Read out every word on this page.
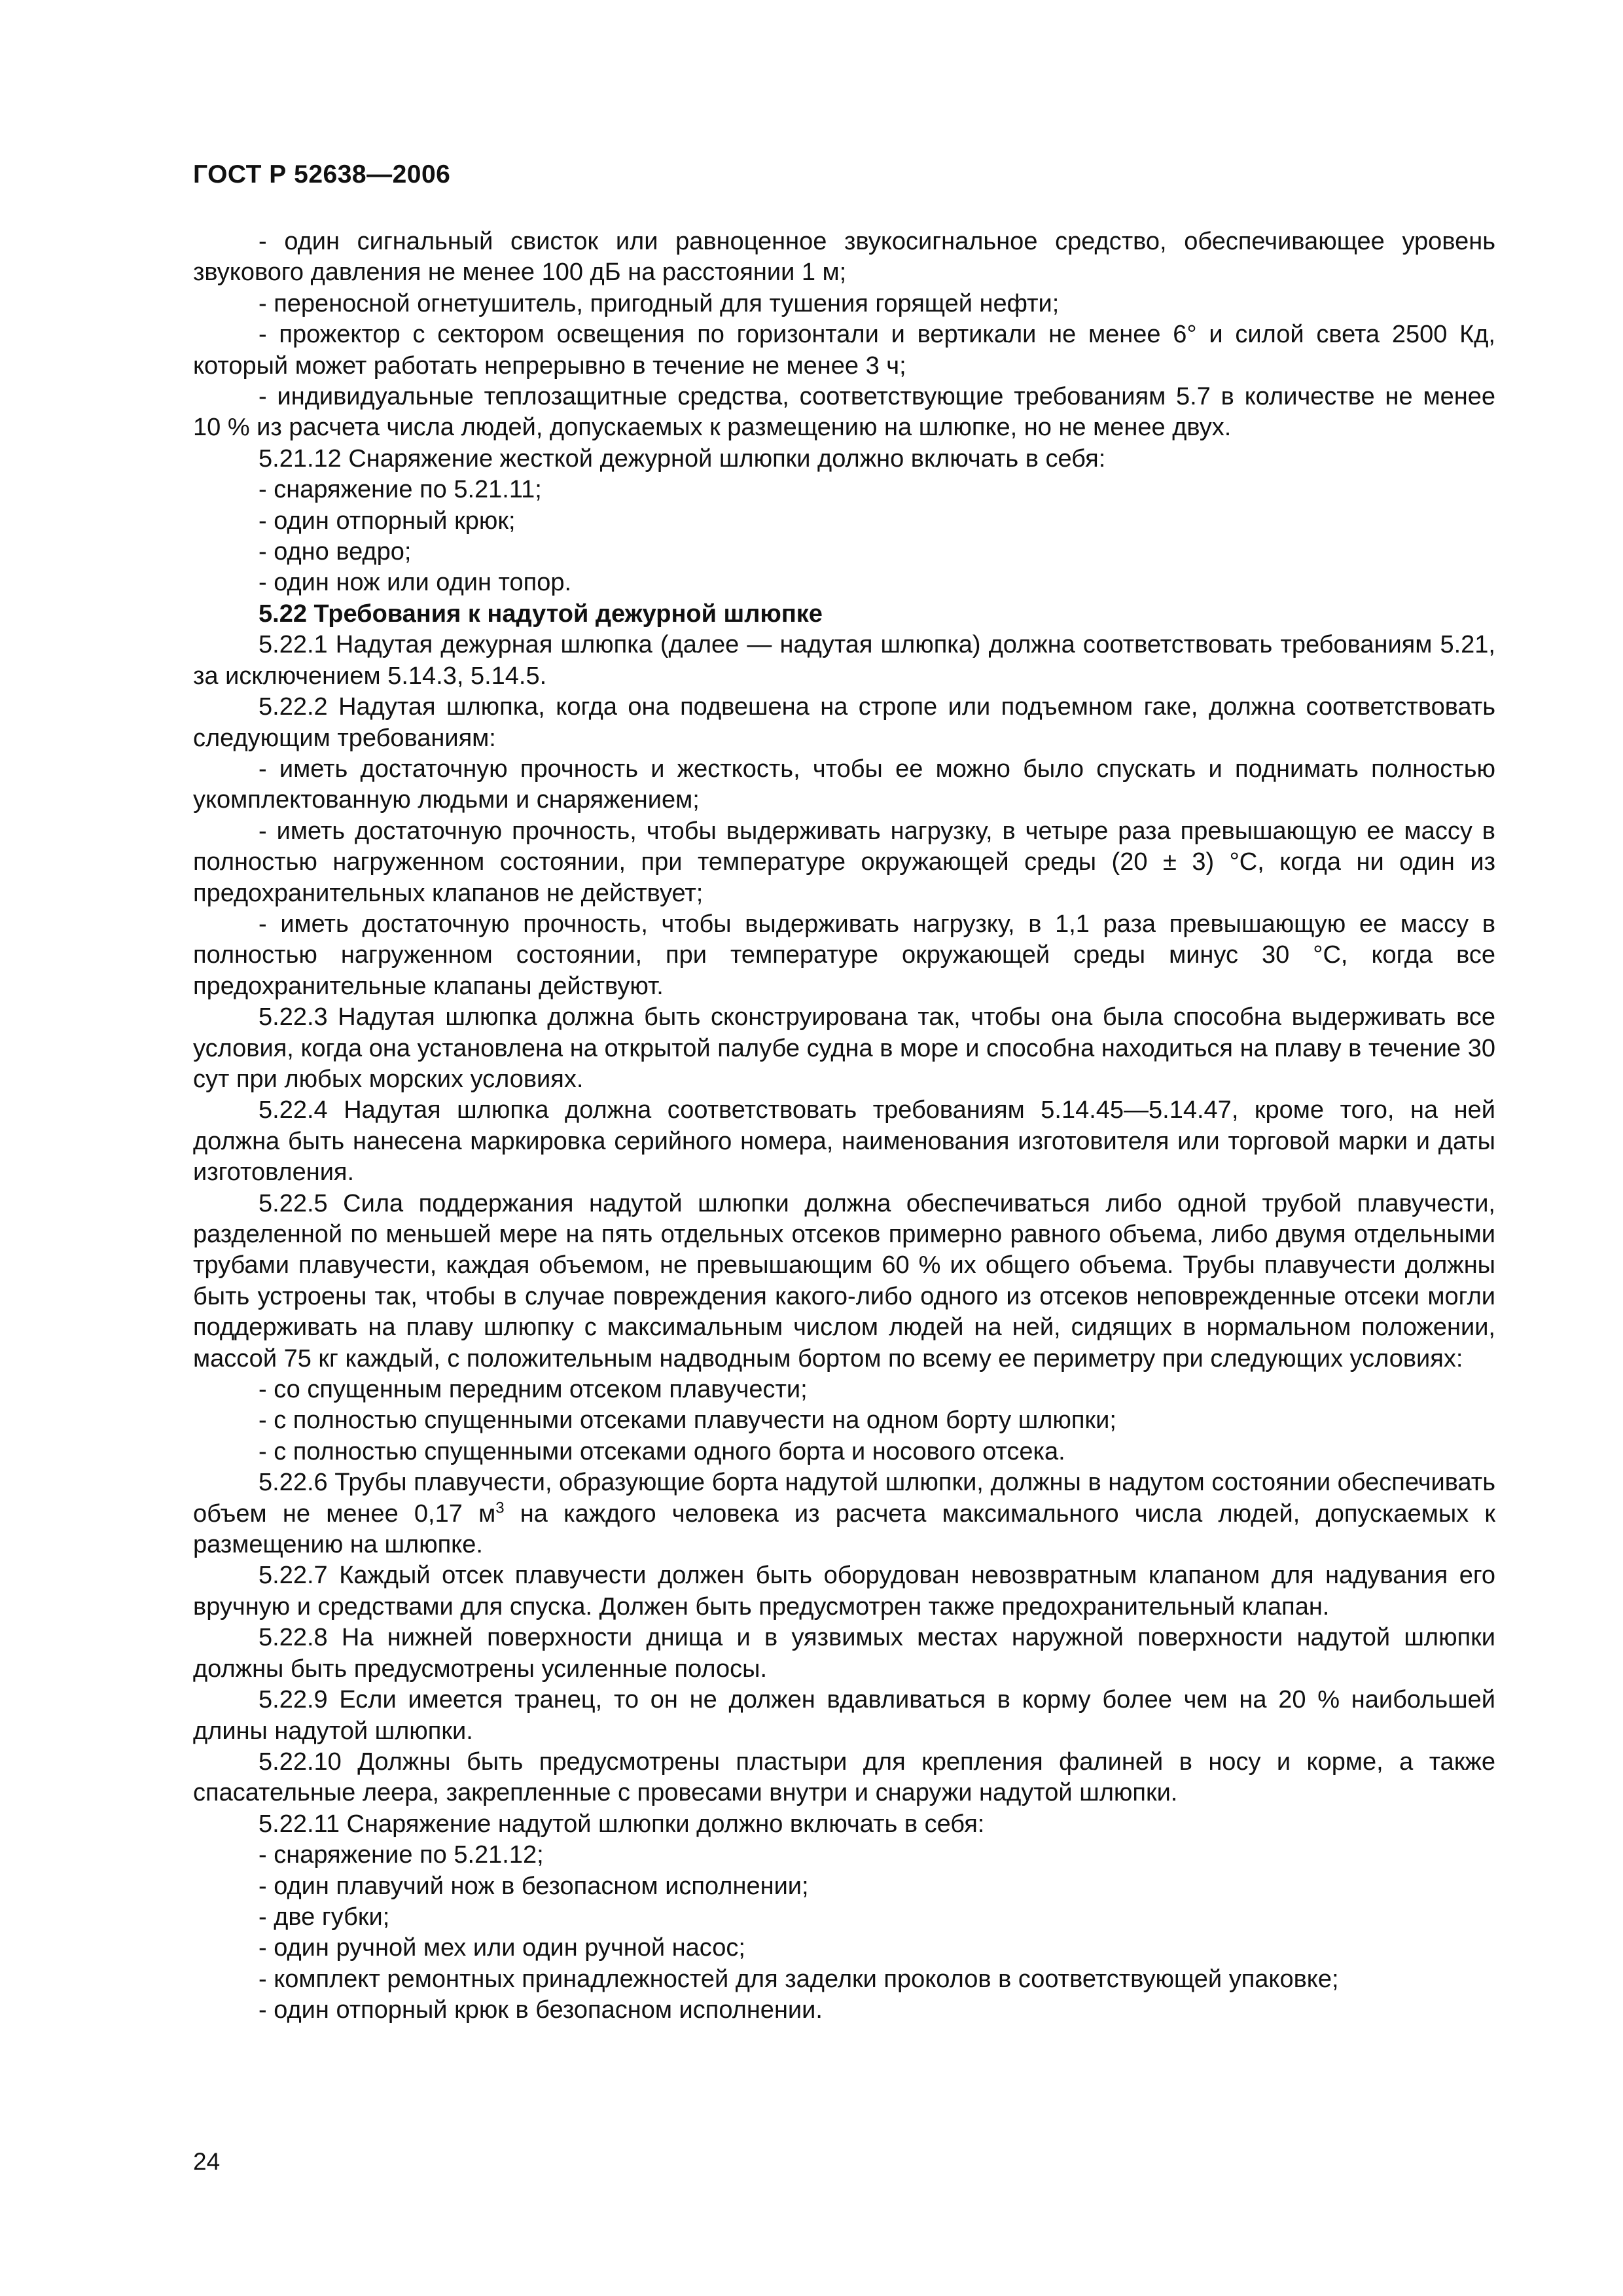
ГОСТ Р 52638—2006

- один сигнальный свисток или равноценное звукосигнальное средство, обеспечивающее уровень звукового давления не менее 100 дБ на расстоянии 1 м;

- переносной огнетушитель, пригодный для тушения горящей нефти;

- прожектор с сектором освещения по горизонтали и вертикали не менее 6° и силой света 2500 Кд, который может работать непрерывно в течение не менее 3 ч;

- индивидуальные теплозащитные средства, соответствующие требованиям 5.7 в количестве не менее 10 % из расчета числа людей, допускаемых к размещению на шлюпке, но не менее двух.

5.21.12 Снаряжение жесткой дежурной шлюпки должно включать в себя:

- снаряжение по 5.21.11;

- один отпорный крюк;

- одно ведро;

- один нож или один топор.

5.22 Требования к надутой дежурной шлюпке

5.22.1 Надутая дежурная шлюпка (далее — надутая шлюпка) должна соответствовать требованиям 5.21, за исключением 5.14.3, 5.14.5.

5.22.2 Надутая шлюпка, когда она подвешена на стропе или подъемном гаке, должна соответствовать следующим требованиям:

- иметь достаточную прочность и жесткость, чтобы ее можно было спускать и поднимать полностью укомплектованную людьми и снаряжением;

- иметь достаточную прочность, чтобы выдерживать нагрузку, в четыре раза превышающую ее массу в полностью нагруженном состоянии, при температуре окружающей среды (20 ± 3) °С, когда ни один из предохранительных клапанов не действует;

- иметь достаточную прочность, чтобы выдерживать нагрузку, в 1,1 раза превышающую ее массу в полностью нагруженном состоянии, при температуре окружающей среды минус 30 °С, когда все предохранительные клапаны действуют.

5.22.3 Надутая шлюпка должна быть сконструирована так, чтобы она была способна выдерживать все условия, когда она установлена на открытой палубе судна в море и способна находиться на плаву в течение 30 сут при любых морских условиях.

5.22.4 Надутая шлюпка должна соответствовать требованиям 5.14.45—5.14.47, кроме того, на ней должна быть нанесена маркировка серийного номера, наименования изготовителя или торговой марки и даты изготовления.

5.22.5 Сила поддержания надутой шлюпки должна обеспечиваться либо одной трубой плавучести, разделенной по меньшей мере на пять отдельных отсеков примерно равного объема, либо двумя отдельными трубами плавучести, каждая объемом, не превышающим 60 % их общего объема. Трубы плавучести должны быть устроены так, чтобы в случае повреждения какого-либо одного из отсеков неповрежденные отсеки могли поддерживать на плаву шлюпку с максимальным числом людей на ней, сидящих в нормальном положении, массой 75 кг каждый, с положительным надводным бортом по всему ее периметру при следующих условиях:

- со спущенным передним отсеком плавучести;

- с полностью спущенными отсеками плавучести на одном борту шлюпки;

- с полностью спущенными отсеками одного борта и носового отсека.

5.22.6 Трубы плавучести, образующие борта надутой шлюпки, должны в надутом состоянии обеспечивать объем не менее 0,17 $м^3$ на каждого человека из расчета максимального числа людей, допускаемых к размещению на шлюпке.

5.22.7 Каждый отсек плавучести должен быть оборудован невозвратным клапаном для надувания его вручную и средствами для спуска. Должен быть предусмотрен также предохранительный клапан.

5.22.8 На нижней поверхности днища и в уязвимых местах наружной поверхности надутой шлюпки должны быть предусмотрены усиленные полосы.

5.22.9 Если имеется транец, то он не должен вдавливаться в корму более чем на 20 % наибольшей длины надутой шлюпки.

5.22.10 Должны быть предусмотрены пластыри для крепления фалиней в носу и корме, а также спасательные леера, закрепленные с провесами внутри и снаружи надутой шлюпки.

5.22.11 Снаряжение надутой шлюпки должно включать в себя:

- снаряжение по 5.21.12;

- один плавучий нож в безопасном исполнении;

- две губки;

- один ручной мех или один ручной насос;

- комплект ремонтных принадлежностей для заделки проколов в соответствующей упаковке;

- один отпорный крюк в безопасном исполнении.

24
